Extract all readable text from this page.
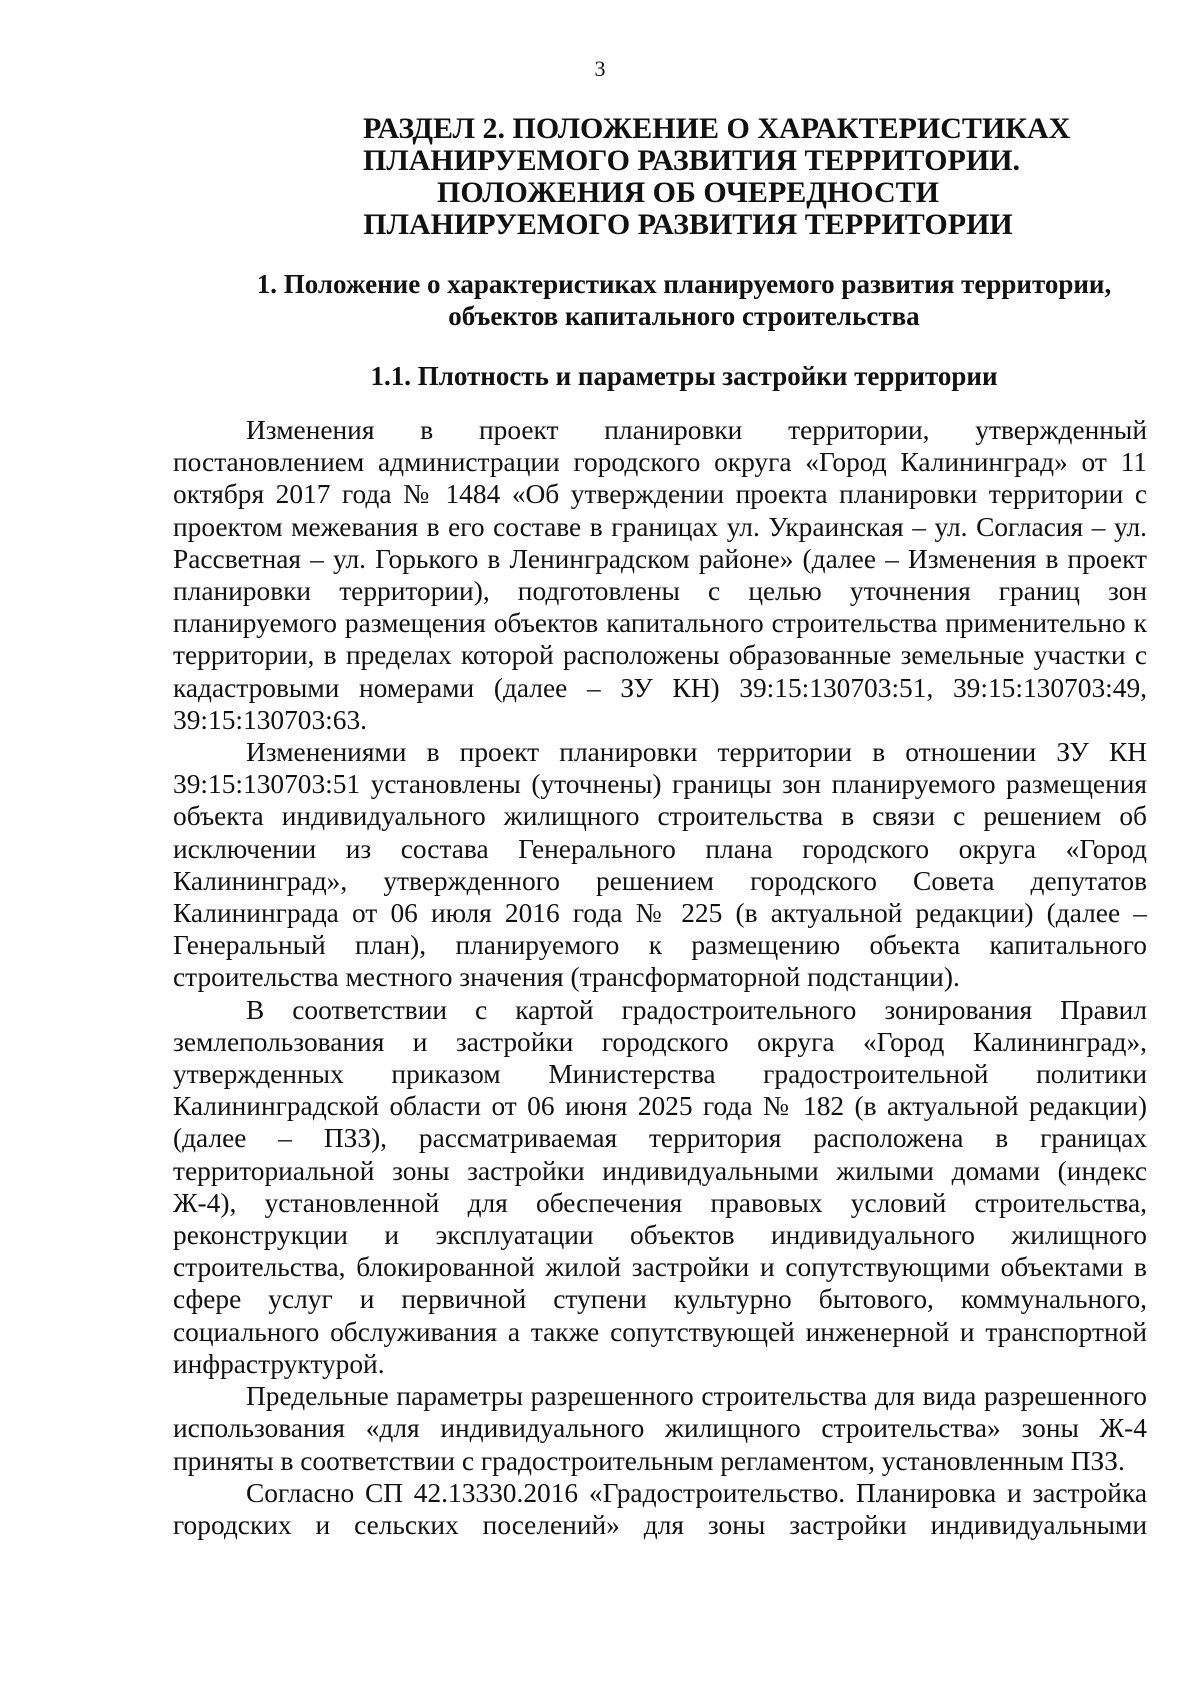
3
РАЗДЕЛ 2. ПОЛОЖЕНИЕ О ХАРАКТЕРИСТИКАХ
ПЛАНИРУЕМОГО РАЗВИТИЯ ТЕРРИТОРИИ.
ПОЛОЖЕНИЯ ОБ ОЧЕРЕДНОСТИ
ПЛАНИРУЕМОГО РАЗВИТИЯ ТЕРРИТОРИИ
1. Положение о характеристиках планируемого развития территории,
объектов капитального строительства
1.1. Плотность и параметры застройки территории

Изменения в проект планировки территории, утвержденный постановлением администрации городского округа «Город Калининград» от 11 октября 2017 года № 1484 «Об утверждении проекта планировки территории с проектом межевания в его составе в границах ул. Украинская – ул. Согласия – ул. Рассветная – ул. Горького в Ленинградском районе» (далее – Изменения в проект планировки территории), подготовлены с целью уточнения границ зон планируемого размещения объектов капитального строительства применительно к территории, в пределах которой расположены образованные земельные участки с кадастровыми номерами (далее – ЗУ КН) 39:15:130703:51, 39:15:130703:49, 39:15:130703:63.

Изменениями в проект планировки территории в отношении ЗУ КН 39:15:130703:51 установлены (уточнены) границы зон планируемого размещения объекта индивидуального жилищного строительства в связи с решением об исключении из состава Генерального плана городского округа «Город Калининград», утвержденного решением городского Совета депутатов Калининграда от 06 июля 2016 года № 225 (в актуальной редакции) (далее – Генеральный план), планируемого к размещению объекта капитального строительства местного значения (трансформаторной подстанции).

В соответствии с картой градостроительного зонирования Правил землепользования и застройки городского округа «Город Калининград», утвержденных приказом Министерства градостроительной политики Калининградской области от 06 июня 2025 года № 182 (в актуальной редакции) (далее – ПЗЗ), рассматриваемая территория расположена в границах территориальной зоны застройки индивидуальными жилыми домами (индекс Ж-4), установленной для обеспечения правовых условий строительства, реконструкции и эксплуатации объектов индивидуального жилищного строительства, блокированной жилой застройки и сопутствующими объектами в сфере услуг и первичной ступени культурно бытового, коммунального, социального обслуживания а также сопутствующей инженерной и транспортной инфраструктурой.

Предельные параметры разрешенного строительства для вида разрешенного использования «для индивидуального жилищного строительства» зоны Ж-4 приняты в соответствии с градостроительным регламентом, установленным ПЗЗ.

Согласно СП 42.13330.2016 «Градостроительство. Планировка и застройка городских и сельских поселений» для зоны застройки индивидуальными
